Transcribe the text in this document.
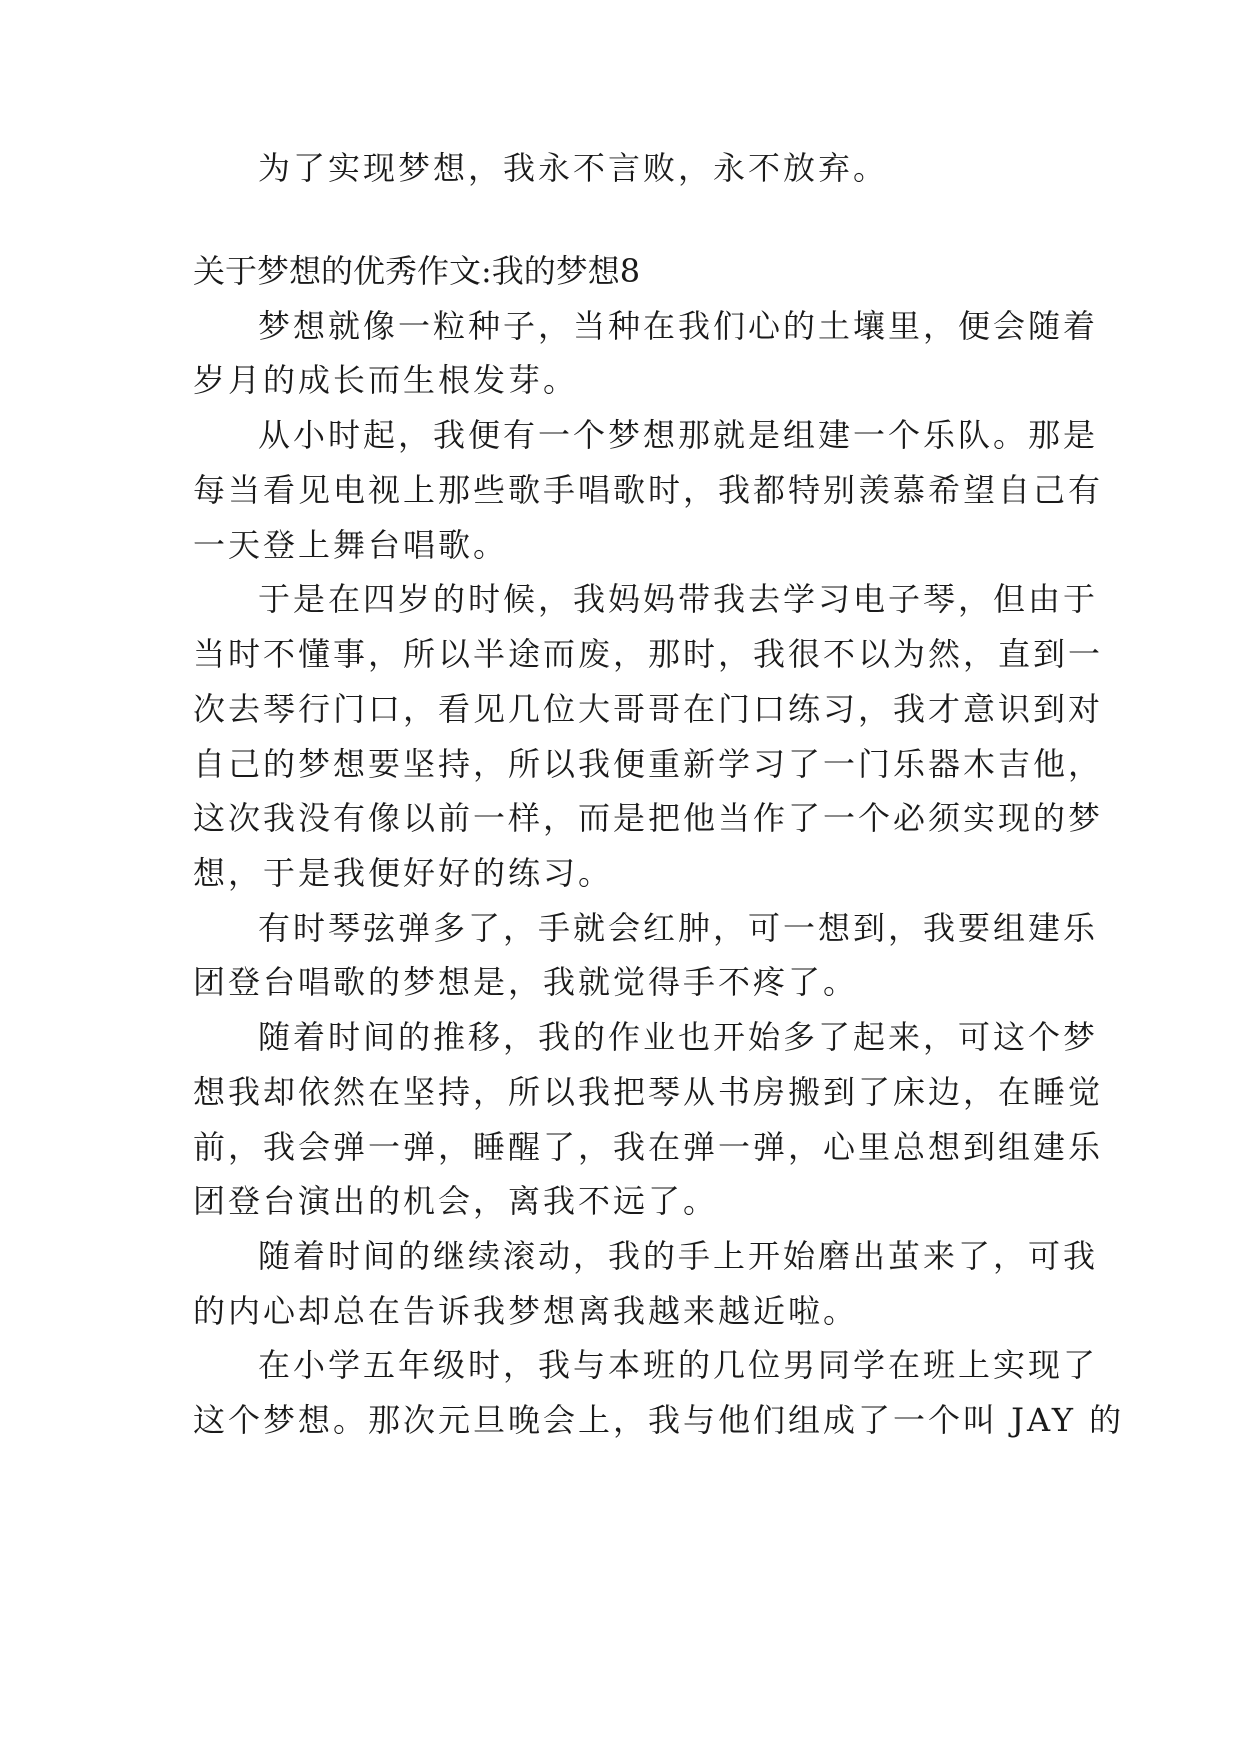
为了实现梦想，我永不言败，永不放弃。
关于梦想的优秀作文:我的梦想8
梦想就像一粒种子，当种在我们心的土壤里，便会随着
岁月的成长而生根发芽。
从小时起，我便有一个梦想那就是组建一个乐队。那是
每当看见电视上那些歌手唱歌时，我都特别羡慕希望自己有
一天登上舞台唱歌。
于是在四岁的时候，我妈妈带我去学习电子琴，但由于
当时不懂事，所以半途而废，那时，我很不以为然，直到一
次去琴行门口，看见几位大哥哥在门口练习，我才意识到对
自己的梦想要坚持，所以我便重新学习了一门乐器木吉他，
这次我没有像以前一样，而是把他当作了一个必须实现的梦
想，于是我便好好的练习。
有时琴弦弹多了，手就会红肿，可一想到，我要组建乐
团登台唱歌的梦想是，我就觉得手不疼了。
随着时间的推移，我的作业也开始多了起来，可这个梦
想我却依然在坚持，所以我把琴从书房搬到了床边，在睡觉
前，我会弹一弹，睡醒了，我在弹一弹，心里总想到组建乐
团登台演出的机会，离我不远了。
随着时间的继续滚动，我的手上开始磨出茧来了，可我
的内心却总在告诉我梦想离我越来越近啦。
在小学五年级时，我与本班的几位男同学在班上实现了
这个梦想。那次元旦晚会上，我与他们组成了一个叫 JAY 的
